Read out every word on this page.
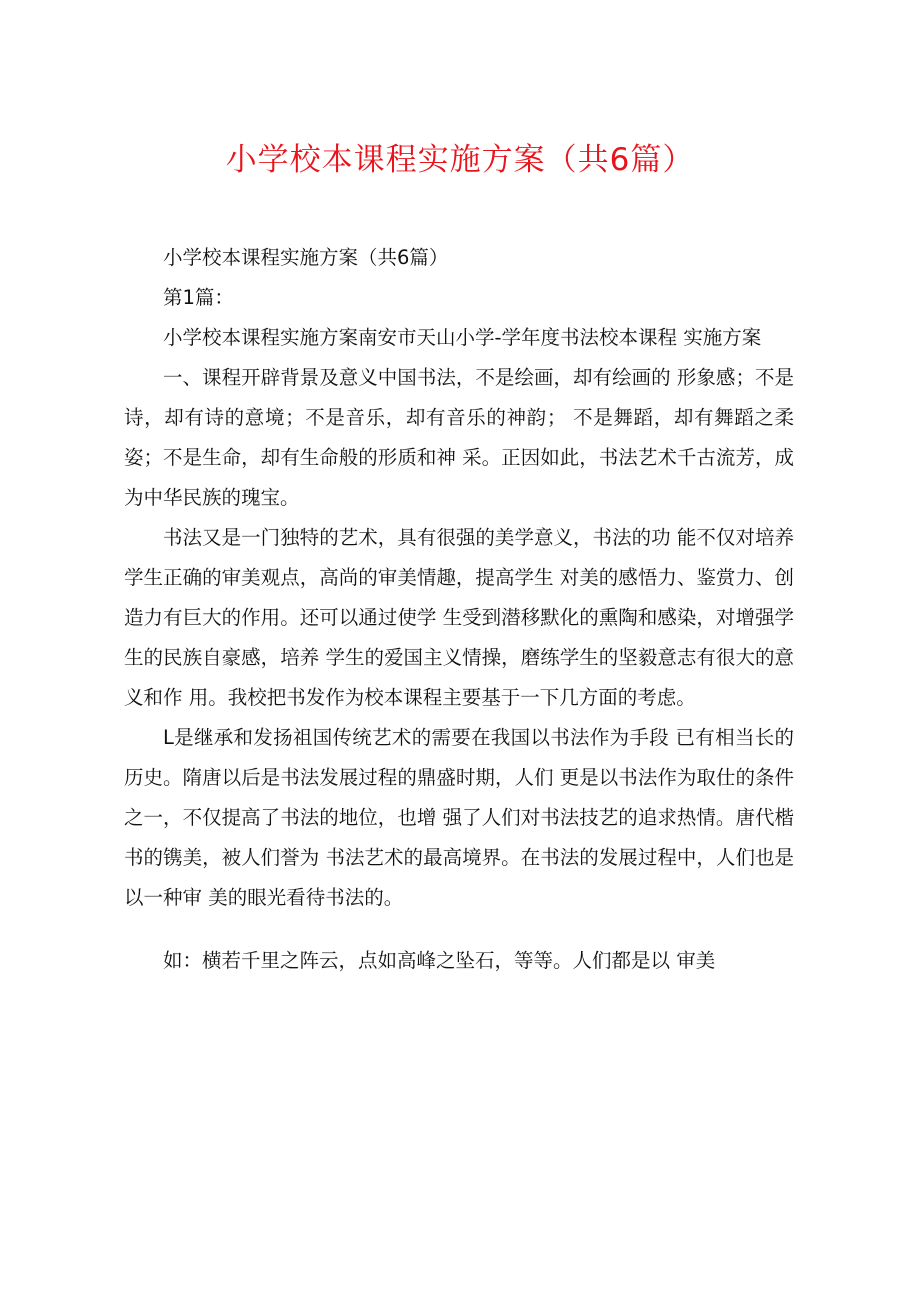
小学校本课程实施方案（共6篇）

小学校本课程实施方案（共6篇）

第1篇：

小学校本课程实施方案南安市天山小学-学年度书法校本课程 实施方案

一、课程开辟背景及意义中国书法，不是绘画，却有绘画的 形象感；不是诗，却有诗的意境；不是音乐，却有音乐的神韵； 不是舞蹈，却有舞蹈之柔姿；不是生命，却有生命般的形质和神 采。正因如此，书法艺术千古流芳，成为中华民族的瑰宝。

书法又是一门独特的艺术，具有很强的美学意义，书法的功 能不仅对培养学生正确的审美观点，高尚的审美情趣，提高学生 对美的感悟力、鉴赏力、创造力有巨大的作用。还可以通过使学 生受到潜移默化的熏陶和感染，对增强学生的民族自豪感，培养 学生的爱国主义情操，磨练学生的坚毅意志有很大的意义和作 用。我校把书发作为校本课程主要基于一下几方面的考虑。

L是继承和发扬祖国传统艺术的需要在我国以书法作为手段 已有相当长的历史。隋唐以后是书法发展过程的鼎盛时期，人们 更是以书法作为取仕的条件之一，不仅提高了书法的地位，也增 强了人们对书法技艺的追求热情。唐代楷书的镌美，被人们誉为 书法艺术的最高境界。在书法的发展过程中，人们也是以一种审 美的眼光看待书法的。

如：横若千里之阵云，点如高峰之坠石，等等。人们都是以 审美
